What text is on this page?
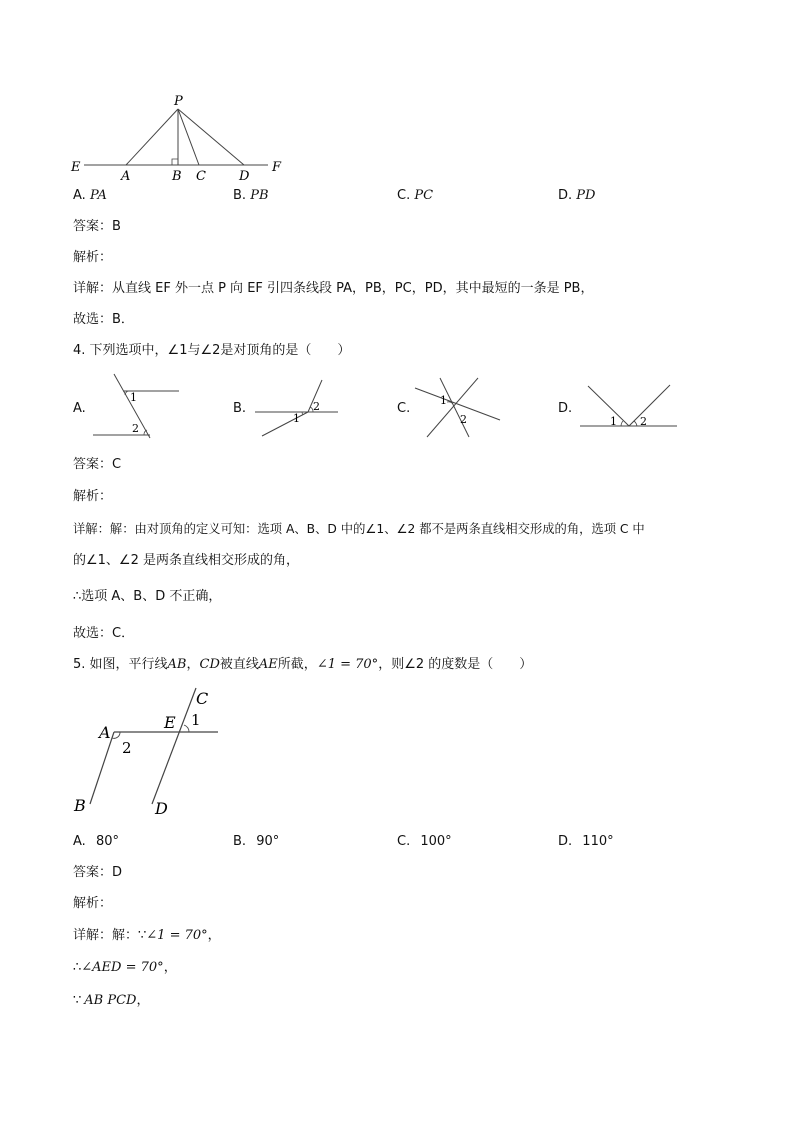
P
E
A	B C	D
F
A. PA	B. PB	C. PC	D. PD
答案：B
解析：
详解：从直线 EF 外一点 P 向 EF 引四条线段 PA，PB，PC，PD，其中最短的一条是 PB，
故选：B．
4. 下列选项中，∠1与∠2是对顶角的是（　　）
A.	B.	C.	D.
1
2
1
2	1
2	1 2
答案：C
解析：
详解：解：由对顶角的定义可知：选项 A、B、D 中的∠1、∠2 都不是两条直线相交形成的角，选项 C 中
的∠1、∠2 是两条直线相交形成的角，
∴选项 A、B、D 不正确，
故选：C．
5. 如图，平行线AB，CD被直线AE所截，∠1 = 70°，则∠2 的度数是（　　）
C
E 1
A
2
B	D
A. 80°	B. 90°	C. 100°	D. 110°
答案：D
解析：
详解：解：∵∠1 = 70°，
∴∠AED = 70°，
∵ AB PCD，
